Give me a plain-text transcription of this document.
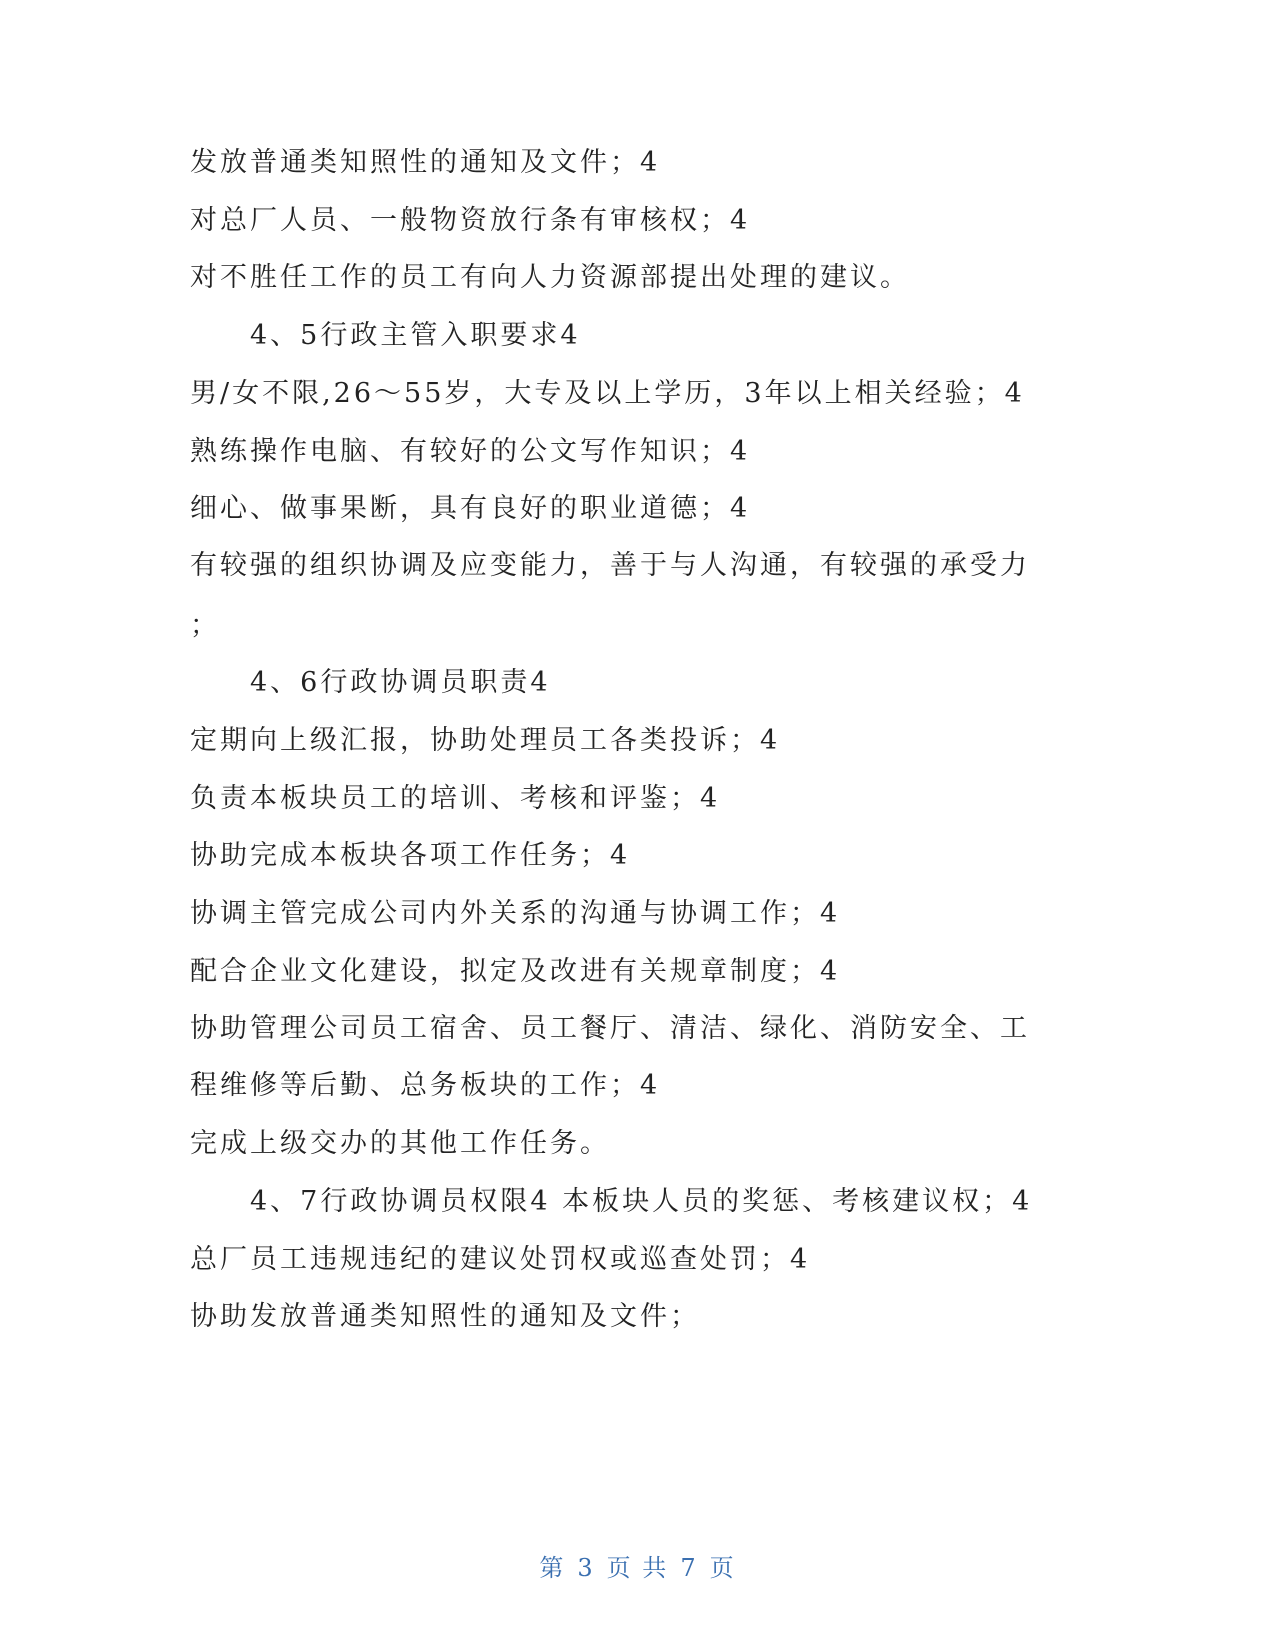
发放普通类知照性的通知及文件；4
对总厂人员、一般物资放行条有审核权；4
对不胜任工作的员工有向人力资源部提出处理的建议。
4、5行政主管入职要求4
男/女不限,26～55岁，大专及以上学历，3年以上相关经验；4
熟练操作电脑、有较好的公文写作知识；4
细心、做事果断，具有良好的职业道德；4
有较强的组织协调及应变能力，善于与人沟通，有较强的承受力
；
4、6行政协调员职责4
定期向上级汇报，协助处理员工各类投诉；4
负责本板块员工的培训、考核和评鉴；4
协助完成本板块各项工作任务；4
协调主管完成公司内外关系的沟通与协调工作；4
配合企业文化建设，拟定及改进有关规章制度；4
协助管理公司员工宿舍、员工餐厅、清洁、绿化、消防安全、工
程维修等后勤、总务板块的工作；4
完成上级交办的其他工作任务。
4、7行政协调员权限4 本板块人员的奖惩、考核建议权；4
总厂员工违规违纪的建议处罚权或巡查处罚；4
协助发放普通类知照性的通知及文件；
第 3 页 共 7 页
